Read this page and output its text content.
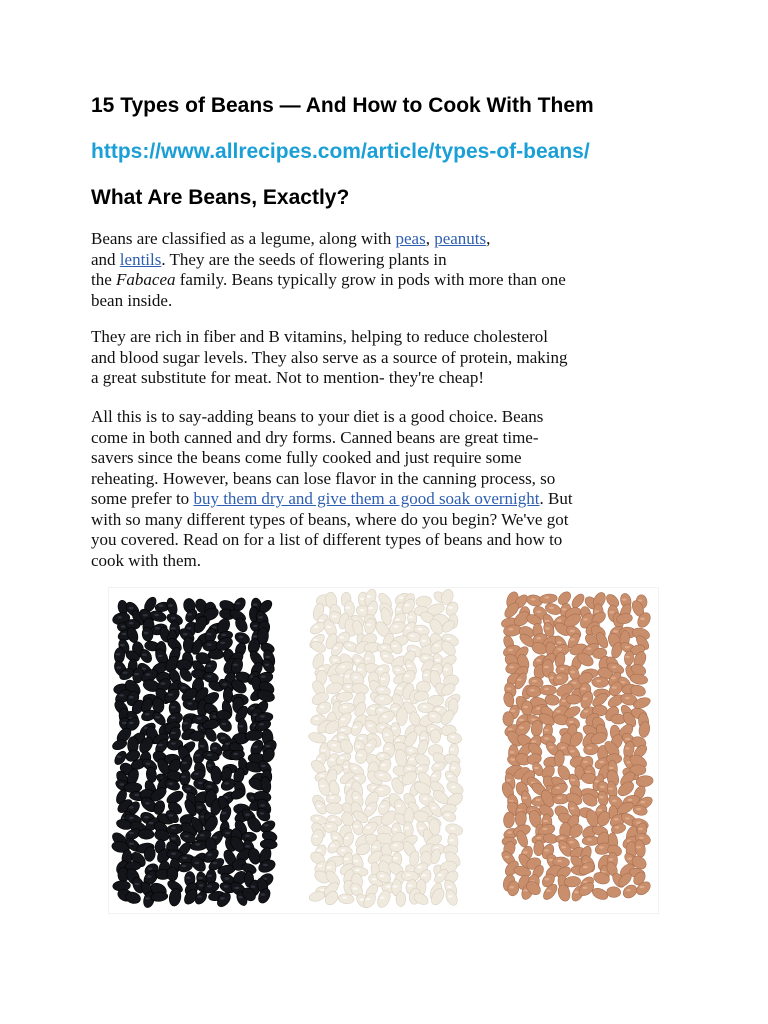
15 Types of Beans — And How to Cook With Them
https://www.allrecipes.com/article/types-of-beans/
What Are Beans, Exactly?

Beans are classified as a legume, along with peas, peanuts,
and lentils. They are the seeds of flowering plants in
the Fabacea family. Beans typically grow in pods with more than one
bean inside.

They are rich in fiber and B vitamins, helping to reduce cholesterol
and blood sugar levels. They also serve as a source of protein, making
a great substitute for meat. Not to mention- they're cheap!

All this is to say-adding beans to your diet is a good choice. Beans
come in both canned and dry forms. Canned beans are great time-
savers since the beans come fully cooked and just require some
reheating. However, beans can lose flavor in the canning process, so
some prefer to buy them dry and give them a good soak overnight. But
with so many different types of beans, where do you begin? We've got
you covered. Read on for a list of different types of beans and how to
cook with them.
